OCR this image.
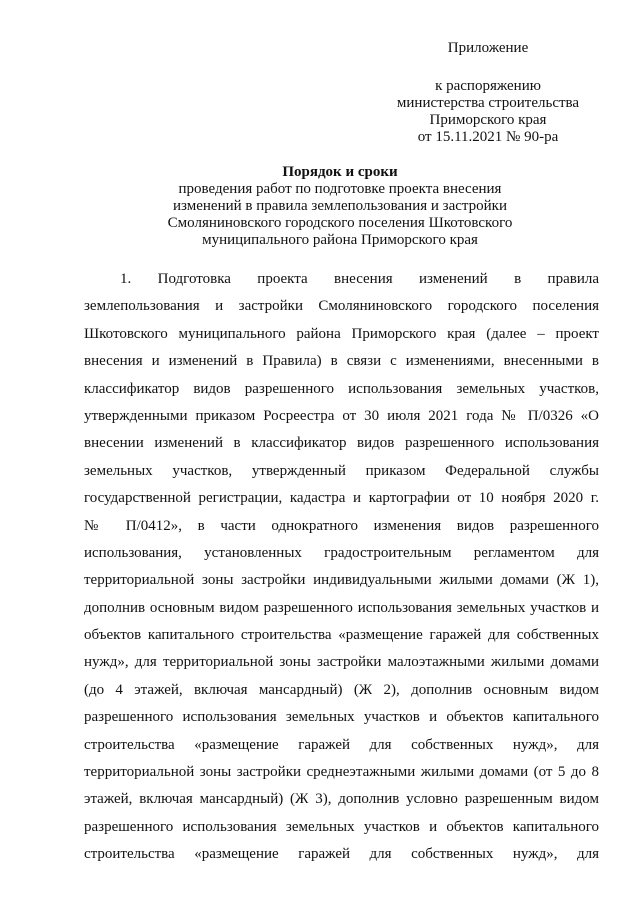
Приложение
к распоряжению
министерства строительства
Приморского края
от 15.11.2021 № 90-ра
Порядок и сроки
проведения работ по подготовке проекта внесения
изменений в правила землепользования и застройки
Смоляниновского городского поселения Шкотовского
муниципального района Приморского края
1. Подготовка проекта внесения изменений в правила
землепользования и застройки Смоляниновского городского поселения
Шкотовского муниципального района Приморского края (далее – проект
внесения и изменений в Правила) в связи с изменениями, внесенными в
классификатор видов разрешенного использования земельных участков,
утвержденными приказом Росреестра от 30 июля 2021 года № П/0326 «О
внесении изменений в классификатор видов разрешенного использования
земельных участков, утвержденный приказом Федеральной службы
государственной регистрации, кадастра и картографии от 10 ноября 2020 г.
№ П/0412», в части однократного изменения видов разрешенного
использования, установленных градостроительным регламентом для
территориальной зоны застройки индивидуальными жилыми домами (Ж 1),
дополнив основным видом разрешенного использования земельных участков и
объектов капитального строительства «размещение гаражей для собственных
нужд», для территориальной зоны застройки малоэтажными жилыми домами
(до 4 этажей, включая мансардный) (Ж 2), дополнив основным видом
разрешенного использования земельных участков и объектов капитального
строительства «размещение гаражей для собственных нужд», для
территориальной зоны застройки среднеэтажными жилыми домами (от 5 до 8
этажей, включая мансардный) (Ж 3), дополнив условно разрешенным видом
разрешенного использования земельных участков и объектов капитального
строительства «размещение гаражей для собственных нужд», для
